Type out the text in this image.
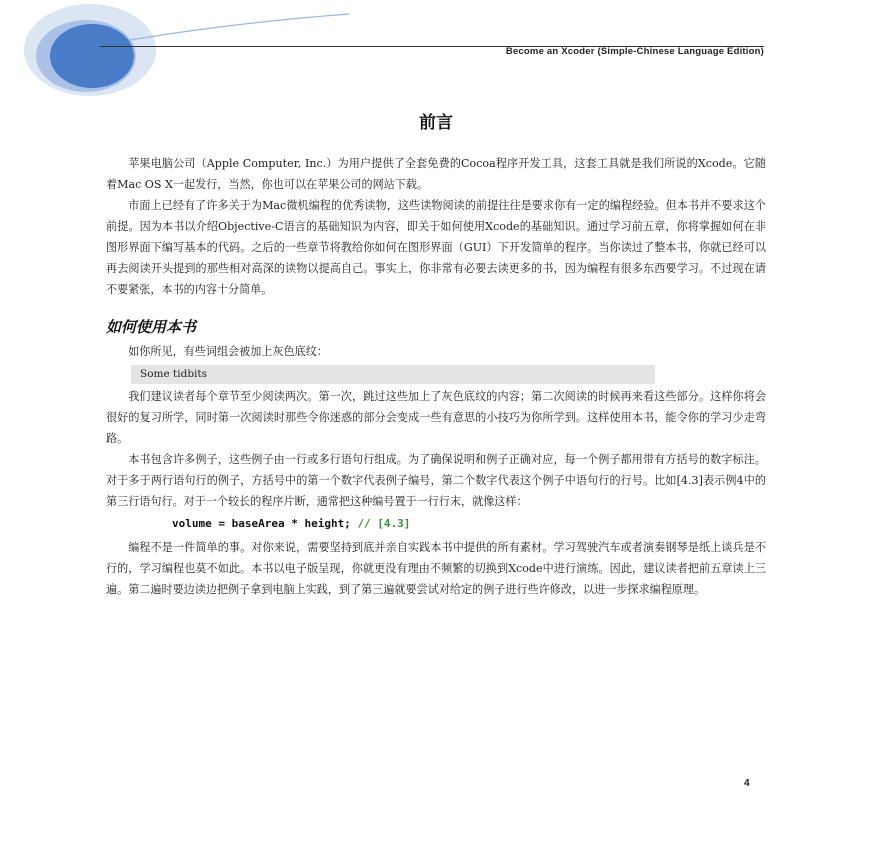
Become an Xcoder (Simple-Chinese Language Edition)
前言

苹果电脑公司（Apple Computer, Inc.）为用户提供了全套免费的Cocoa程序开发工具，这套工具就是我们所说的Xcode。它随着Mac OS X一起发行，当然，你也可以在苹果公司的网站下载。

市面上已经有了许多关于为Mac微机编程的优秀读物，这些读物阅读的前提往往是要求你有一定的编程经验。但本书并不要求这个前提。因为本书以介绍Objective-C语言的基础知识为内容，即关于如何使用Xcode的基础知识。通过学习前五章，你将掌握如何在非图形界面下编写基本的代码。之后的一些章节将教给你如何在图形界面（GUI）下开发简单的程序。当你读过了整本书，你就已经可以再去阅读开头提到的那些相对高深的读物以提高自己。事实上，你非常有必要去读更多的书，因为编程有很多东西要学习。不过现在请不要紧张，本书的内容十分简单。

如何使用本书

如你所见，有些词组会被加上灰色底纹：

Some tidbits

我们建议读者每个章节至少阅读两次。第一次，跳过这些加上了灰色底纹的内容；第二次阅读的时候再来看这些部分。这样你将会很好的复习所学，同时第一次阅读时那些令你迷惑的部分会变成一些有意思的小技巧为你所学到。这样使用本书，能令你的学习少走弯路。

本书包含许多例子，这些例子由一行或多行语句行组成。为了确保说明和例子正确对应，每一个例子都用带有方括号的数字标注。对于多于两行语句行的例子，方括号中的第一个数字代表例子编号，第二个数字代表这个例子中语句行的行号。比如[4.3]表示例4中的第三行语句行。对于一个较长的程序片断，通常把这种编号置于一行行末，就像这样：

volume = baseArea * height; // [4.3]

编程不是一件简单的事。对你来说，需要坚持到底并亲自实践本书中提供的所有素材。学习驾驶汽车或者演奏钢琴是纸上谈兵是不行的，学习编程也莫不如此。本书以电子版呈现，你就更没有理由不频繁的切换到Xcode中进行演练。因此，建议读者把前五章读上三遍。第二遍时要边读边把例子拿到电脑上实践，到了第三遍就要尝试对给定的例子进行些许修改，以进一步探求编程原理。

4
